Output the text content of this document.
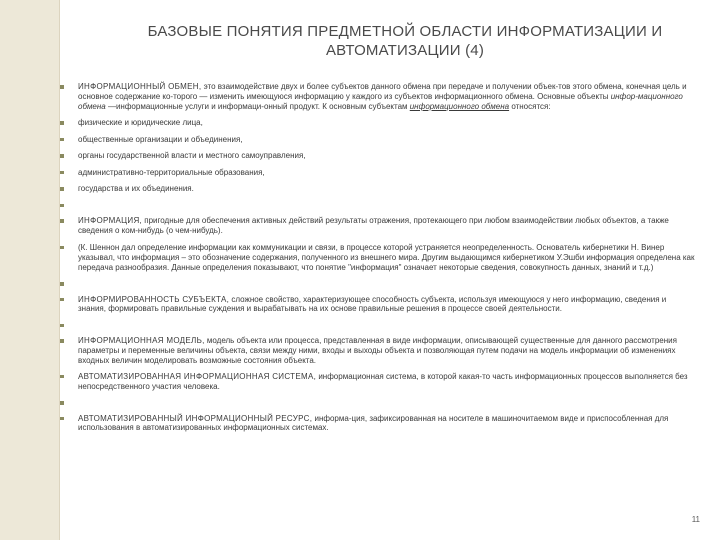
БАЗОВЫЕ ПОНЯТИЯ ПРЕДМЕТНОЙ ОБЛАСТИ ИНФОРМАТИЗАЦИИ И
АВТОМАТИЗАЦИИ (4)
ИНФОРМАЦИОННЫЙ ОБМЕН, это взаимодействие двух и более субъектов данного обмена при передаче и получении объек-тов этого обмена, конечная цель и основное содержание ко-торого — изменить имеющуюся информацию у каждого из субъектов информационного обмена. Основные объекты инфор-мационного обмена —информационные услуги и информаци-онный продукт. К основным субъектам информационного обмена относятся:
физические и юридические лица,
общественные организации и объединения,
органы государственной власти и местного самоуправления,
административно-территориальные образования,
государства и их объединения.
ИНФОРМАЦИЯ, пригодные для обеспечения активных действий результаты отражения, протекающего при любом взаимодействии любых объектов, а также сведения о ком-нибудь (о чем-нибудь).
(К. Шеннон дал определение информации как коммуникации и связи, в процессе которой устраняется неопределенность. Основатель кибернетики Н. Винер указывал, что информация – это обозначение содержания, полученного из внешнего мира. Другим выдающимся кибернетиком У.Эшби информация определена как передача разнообразия. Данные определения показывают, что понятие "информация" означает некоторые сведения, совокупность данных, знаний и т.д.)
ИНФОРМИРОВАННОСТЬ СУБЪЕКТА, сложное свойство, характеризующее способность субъекта, используя имеющуюся у него информацию, сведения и знания, формировать правильные суждения и вырабатывать на их основе правильные решения в процессе своей деятельности.
ИНФОРМАЦИОННАЯ МОДЕЛЬ, модель объекта или процесса, представленная в виде информации, описывающей существенные для данного рассмотрения параметры и переменные величины объекта, связи между ними, входы и выходы объекта и позволяющая путем подачи на модель информации об изменениях входных величин моделировать возможные состояния объекта.
АВТОМАТИЗИРОВАННАЯ ИНФОРМАЦИОННАЯ СИСТЕМА, информационная система, в которой какая-то часть информационных процессов выполняется без непосредственного участия человека.
АВТОМАТИЗИРОВАННЫЙ ИНФОРМАЦИОННЫЙ РЕСУРС, информа-ция, зафиксированная на носителе в машиночитаемом виде и приспособленная для использования в автоматизированных информационных системах.
11
